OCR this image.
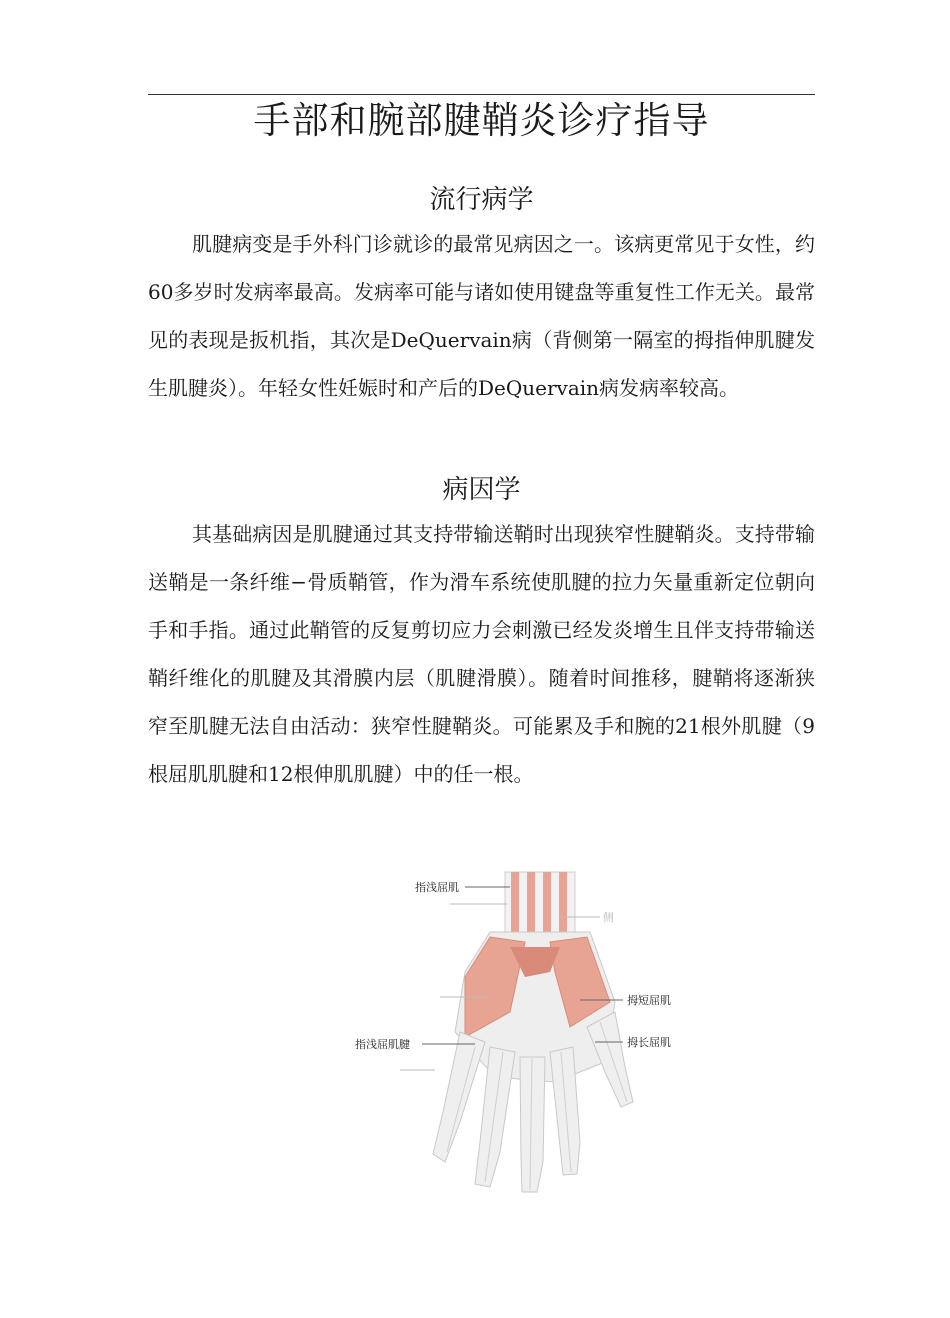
手部和腕部腱鞘炎诊疗指导
流行病学

肌腱病变是手外科门诊就诊的最常见病因之一。该病更常见于女性，约60多岁时发病率最高。发病率可能与诸如使用键盘等重复性工作无关。最常见的表现是扳机指，其次是DeQuervain病（背侧第一隔室的拇指伸肌腱发生肌腱炎）。年轻女性妊娠时和产后的DeQuervain病发病率较高。

病因学

其基础病因是肌腱通过其支持带输送鞘时出现狭窄性腱鞘炎。支持带输送鞘是一条纤维−骨质鞘管，作为滑车系统使肌腱的拉力矢量重新定位朝向手和手指。通过此鞘管的反复剪切应力会刺激已经发炎增生且伴支持带输送鞘纤维化的肌腱及其滑膜内层（肌腱滑膜）。随着时间推移，腱鞘将逐渐狭窄至肌腱无法自由活动：狭窄性腱鞘炎。可能累及手和腕的21根外肌腱（9根屈肌肌腱和12根伸肌肌腱）中的任一根。

指浅屈肌
侧
拇短屈肌
指浅屈肌腱	拇长屈肌
